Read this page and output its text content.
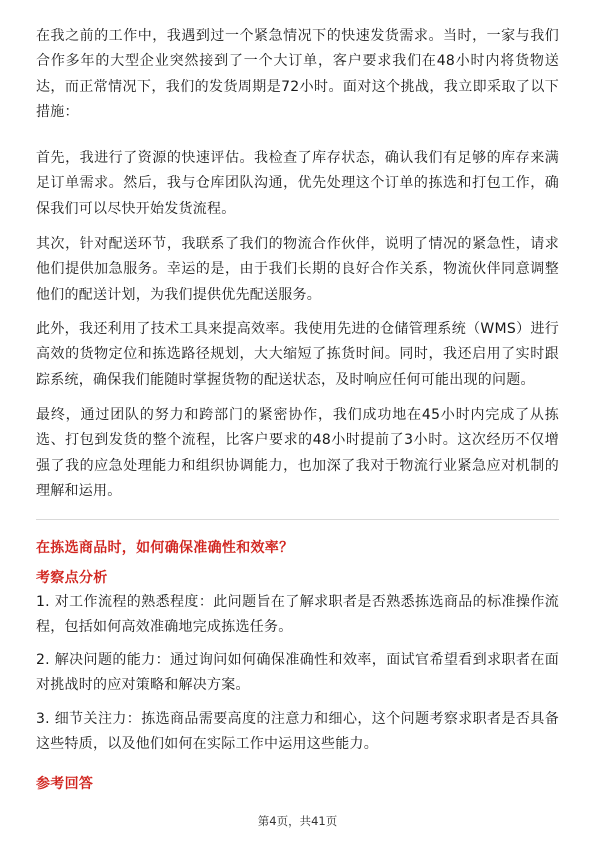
在我之前的工作中，我遇到过一个紧急情况下的快速发货需求。当时，一家与我们合作多年的大型企业突然接到了一个大订单，客户要求我们在48小时内将货物送达，而正常情况下，我们的发货周期是72小时。面对这个挑战，我立即采取了以下措施：

首先，我进行了资源的快速评估。我检查了库存状态，确认我们有足够的库存来满足订单需求。然后，我与仓库团队沟通，优先处理这个订单的拣选和打包工作，确保我们可以尽快开始发货流程。

其次，针对配送环节，我联系了我们的物流合作伙伴，说明了情况的紧急性，请求他们提供加急服务。幸运的是，由于我们长期的良好合作关系，物流伙伴同意调整他们的配送计划，为我们提供优先配送服务。

此外，我还利用了技术工具来提高效率。我使用先进的仓储管理系统（WMS）进行高效的货物定位和拣选路径规划，大大缩短了拣货时间。同时，我还启用了实时跟踪系统，确保我们能随时掌握货物的配送状态，及时响应任何可能出现的问题。

最终，通过团队的努力和跨部门的紧密协作，我们成功地在45小时内完成了从拣选、打包到发货的整个流程，比客户要求的48小时提前了3小时。这次经历不仅增强了我的应急处理能力和组织协调能力，也加深了我对于物流行业紧急应对机制的理解和运用。

在拣选商品时，如何确保准确性和效率？
考察点分析

1. 对工作流程的熟悉程度：此问题旨在了解求职者是否熟悉拣选商品的标准操作流程，包括如何高效准确地完成拣选任务。

2. 解决问题的能力：通过询问如何确保准确性和效率，面试官希望看到求职者在面对挑战时的应对策略和解决方案。

3. 细节关注力：拣选商品需要高度的注意力和细心，这个问题考察求职者是否具备这些特质，以及他们如何在实际工作中运用这些能力。

参考回答
第4页，共41页
